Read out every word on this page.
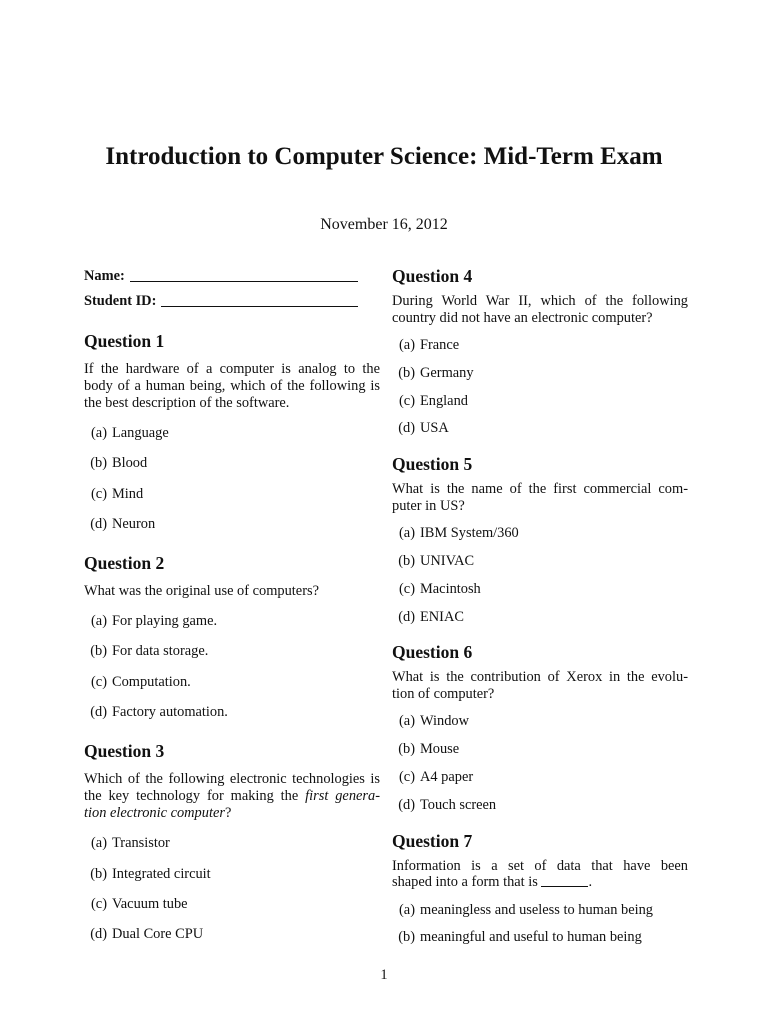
Introduction to Computer Science: Mid-Term Exam
November 16, 2012
Name:
Student ID:
Question 1
If the hardware of a computer is analog to the
body of a human being, which of the following is
the best description of the software.
(a) Language
(b) Blood
(c) Mind
(d) Neuron
Question 2
What was the original use of computers?
(a) For playing game.
(b) For data storage.
(c) Computation.
(d) Factory automation.
Question 3
Which of the following electronic technologies is
the key technology for making the first genera-
tion electronic computer?
(a) Transistor
(b) Integrated circuit
(c) Vacuum tube
(d) Dual Core CPU
Question 4
During World War II, which of the following
country did not have an electronic computer?
(a) France
(b) Germany
(c) England
(d) USA
Question 5
What is the name of the first commercial com-
puter in US?
(a) IBM System/360
(b) UNIVAC
(c) Macintosh
(d) ENIAC
Question 6
What is the contribution of Xerox in the evolu-
tion of computer?
(a) Window
(b) Mouse
(c) A4 paper
(d) Touch screen
Question 7
Information is a set of data that have been
shaped into a form that is	.
(a) meaningless and useless to human being
(b) meaningful and useful to human being
1
